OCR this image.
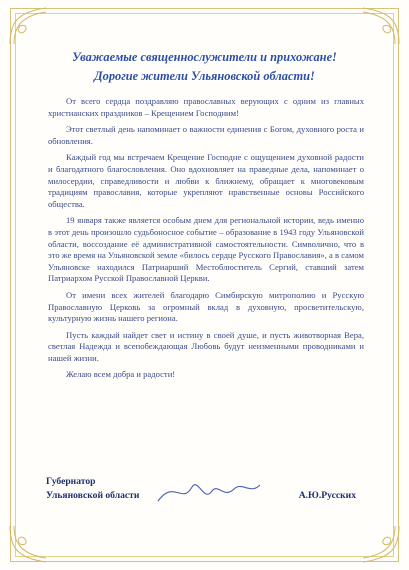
Уважаемые священнослужители и прихожане!
Дорогие жители Ульяновской области!

От всего сердца поздравляю православных верующих с одним из главных христианских праздников – Крещением Господним!

Этот светлый день напоминает о важности единения с Богом, духовного роста и обновления.

Каждый год мы встречаем Крещение Господне с ощущением духовной радости и благодатного благословления. Оно вдохновляет на праведные дела, напоминает о милосердии, справедливости и любви к ближнему, обращает к многовековым традициям православия, которые укрепляют нравственные основы Российского общества.

19 января также является особым днем для региональной истории, ведь именно в этот день произошло судьбоносное событие – образование в 1943 году Ульяновской области, воссоздание её административной самостоятельности. Символично, что в это же время на Ульяновской земле «билось сердце Русского Православия», а в самом Ульяновске находился Патриарший Местоблюститель Сергий, ставший затем Патриархом Русской Православной Церкви.

От имени всех жителей благодарю Симбирскую митрополию и Русскую Православную Церковь за огромный вклад в духовную, просветительскую, культурную жизнь нашего региона.

Пусть каждый найдет свет и истину в своей душе, и пусть животворная Вера, светлая Надежда и всепобеждающая Любовь будут неизменными проводниками и нашей жизни.

Желаю всем добра и радости!

Губернатор
Ульяновской области	А.Ю.Русских
